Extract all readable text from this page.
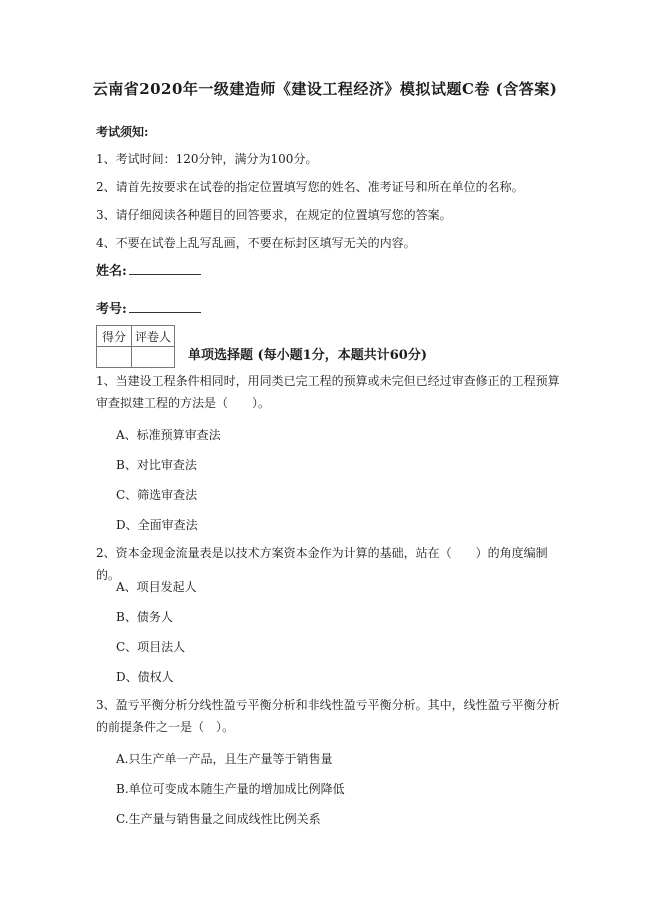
云南省2020年一级建造师《建设工程经济》模拟试题C卷 (含答案)
考试须知:
1、考试时间：120分钟，满分为100分。
2、请首先按要求在试卷的指定位置填写您的姓名、准考证号和所在单位的名称。
3、请仔细阅读各种题目的回答要求，在规定的位置填写您的答案。
4、不要在试卷上乱写乱画，不要在标封区填写无关的内容。
姓名:
考号:
得分	评卷人

单项选择题 (每小题1分，本题共计60分)
1、当建设工程条件相同时，用同类已完工程的预算或未完但已经过审查修正的工程预算审查拟建工程的方法是（　　）。
A、标准预算审查法
B、对比审查法
C、筛选审查法
D、全面审查法
2、资本金现金流量表是以技术方案资本金作为计算的基础，站在（　　）的角度编制的。
A、项目发起人
B、债务人
C、项目法人
D、债权人
3、盈亏平衡分析分线性盈亏平衡分析和非线性盈亏平衡分析。其中，线性盈亏平衡分析的前提条件之一是（　）。
A.只生产单一产品，且生产量等于销售量
B.单位可变成本随生产量的增加成比例降低
C.生产量与销售量之间成线性比例关系
